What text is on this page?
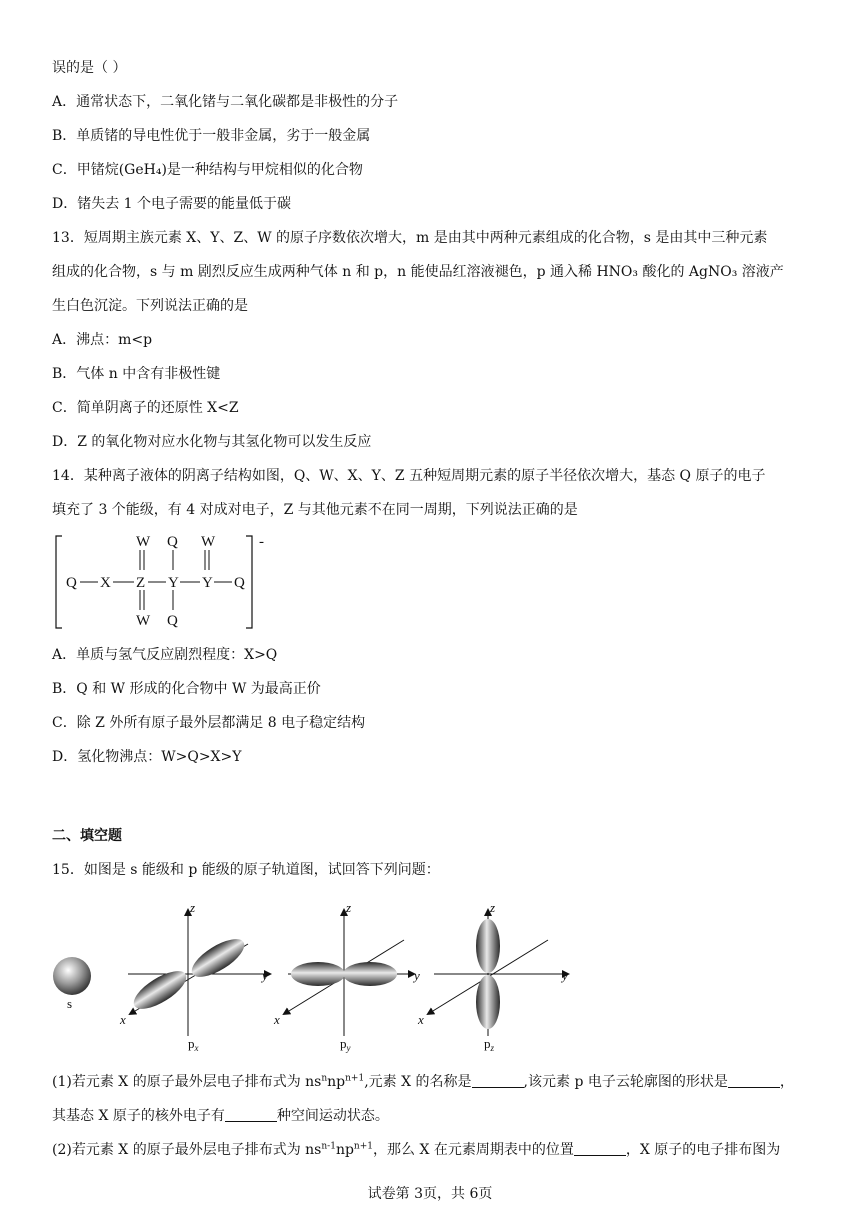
误的是（ ）
A．通常状态下，二氧化锗与二氧化碳都是非极性的分子
B．单质锗的导电性优于一般非金属，劣于一般金属
C．甲锗烷(GeH₄)是一种结构与甲烷相似的化合物
D．锗失去 1 个电子需要的能量低于碳
13．短周期主族元素 X、Y、Z、W 的原子序数依次增大，m 是由其中两种元素组成的化合物，s 是由其中三种元素
组成的化合物，s 与 m 剧烈反应生成两种气体 n 和 p，n 能使品红溶液褪色，p 通入稀 HNO₃ 酸化的 AgNO₃ 溶液产
生白色沉淀。下列说法正确的是
A．沸点：m<p
B．气体 n 中含有非极性键
C．简单阴离子的还原性 X<Z
D．Z 的氧化物对应水化物与其氢化物可以发生反应
14．某种离子液体的阴离子结构如图，Q、W、X、Y、Z 五种短周期元素的原子半径依次增大，基态 Q 原子的电子
填充了 3 个能级，有 4 对成对电子，Z 与其他元素不在同一周期，下列说法正确的是
-
Q X Z Y Y Q
W
W
Q
Q
W
A．单质与氢气反应剧烈程度：X>Q
B．Q 和 W 形成的化合物中 W 为最高正价
C．除 Z 外所有原子最外层都满足 8 电子稳定结构
D．氢化物沸点：W>Q>X>Y
二、填空题
15．如图是 s 能级和 p 能级的原子轨道图，试回答下列问题：
s
z
y
x
$p_x$
z
y
x
$p_y$
z
y
x
$p_z$
(1)若元素 X 的原子最外层电子排布式为 $ns^nnp^{n+1}$,元素 X 的名称是	,该元素 p 电子云轮廓图的形状是	，
其基态 X 原子的核外电子有	种空间运动状态。
(2)若元素 X 的原子最外层电子排布式为 $ns^{n-1}np^{n+1}$，那么 X 在元素周期表中的位置	，X 原子的电子排布图为
试卷第 3页，共 6页
